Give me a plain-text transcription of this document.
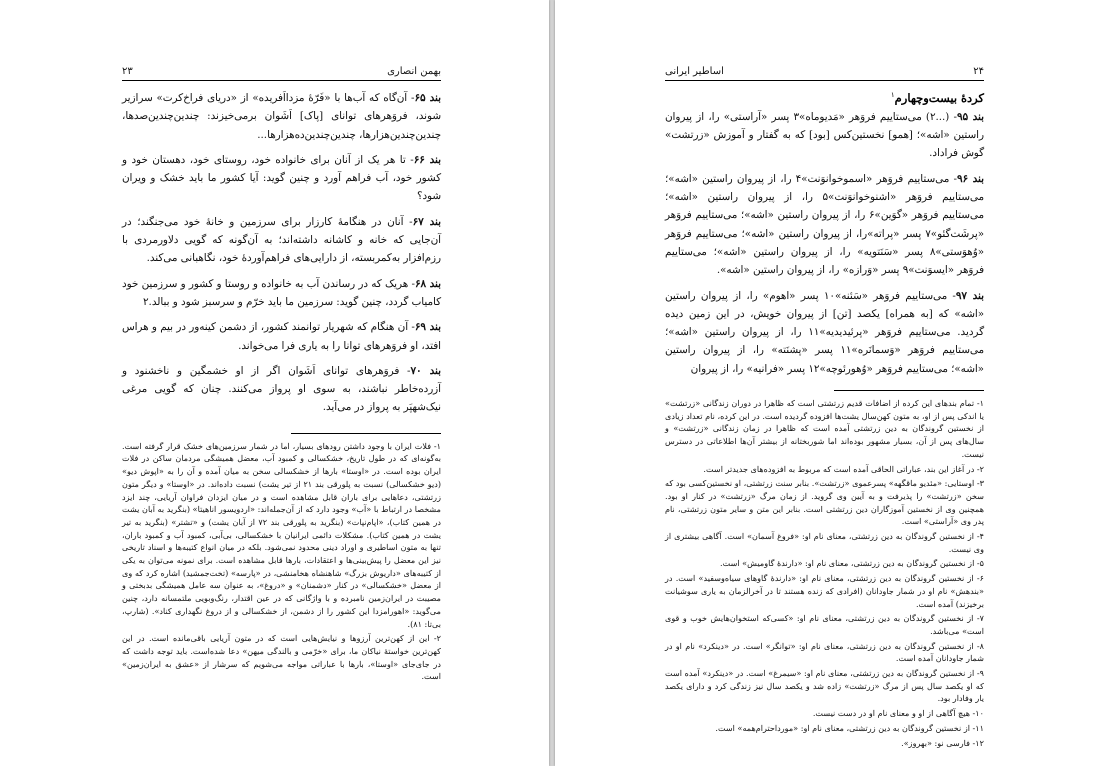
بهمن انصاری
۲۳
بند ۶۵- آن‌گاه که آب‌ها با «فَرّهٔ مزدااَفریده» از «دریای فراخ‌کرت» سرازیر شوند، فروَهرهای توانای [پاک] اَشَوان برمی‌خیزند: چندین‌چندین‌صدها، چندین‌چندین‌هزارها، چندین‌چندین‌ده‌هزارها...
بند ۶۶- تا هر یک از آنان برای خانواده خود، روستای خود، دهستان خود و کشور خود، آب فراهم آورد و چنین گوید: آیا کشور ما باید خشک و ویران شود؟
بند ۶۷- آنان در هنگامهٔ کارزار برای سرزمین و خانهٔ خود می‌جنگند؛ در آن‌جایی که خانه و کاشانه داشته‌اند؛ به آن‌گونه که گویی دلاورمردی با رزم‌افزار به‌کمربسته، از دارایی‌های فراهم‌آوردهٔ خود، نگاهبانی می‌کند.
بند ۶۸- هریک که در رساندن آب به خانواده و روستا و کشور و سرزمین خود کامیاب گردد، چنین گوید: سرزمین ما باید خرّم و سرسبز شود و ببالد.۲
بند ۶۹- آن هنگام که شهریار توانمند کشور، از دشمن کینه‌ور در بیم و هراس افتد، او فروَهرهای توانا را به یاری فرا می‌خواند.
بند ۷۰- فروَهرهای توانای اَشَوان اگر از او خشمگین و ناخشنود و آزرده‌خاطر نباشند، به سوی او پرواز می‌کنند. چنان که گویی مرغی نیک‌شهپَر به پرواز در می‌آید.
۱- فلات ایران با وجود داشتن رودهای بسیار، اما در شمار سرزمین‌های خشک قرار گرفته است. به‌گونه‌ای که در طول تاریخ، خشکسالی و کمبود آب، معضل همیشگی مردمان ساکن در فلات ایران بوده است. در «اوستا» بارها از خشکسالی سخن به میان آمده و آن را به «اپوش دیو» (دیو خشکسالی) نسبت به پلورقی بند ۲۱ از تیر یشت) نسبت داده‌اند. در «اوستا» و دیگر متون زرتشتی، دعاهایی برای باران قابل مشاهده است و در میان ایزدان فراوان آریایی، چند ایزد مشخصا در ارتباط با «آب» وجود دارد که از آن‌جمله‌اند: «اردویسور اناهیتا» (بنگرید به آبان یشت در همین کتاب)، «اپام‌نپات» (بنگرید به پلورقی بند ۷۲ از آبان یشت) و «تشتر» (بنگرید به تیر یشت در همین کتاب). مشکلات دائمی ایرانیان با خشکسالی، بی‌آبی، کمبود آب و کمبود باران، تنها به متون اساطیری و اوراد دینی محدود نمی‌شود. بلکه در میان انواع کتیبه‌ها و اسناد تاریخی نیز این معضل را پیش‌بینی‌ها و اعتقادات، بارها قابل مشاهده است. برای نمونه می‌توان به یکی از کتیبه‌های «داریوش بزرگ» شاهنشاه هخامنشی، در «پارسه» (تخت‌جمشید) اشاره کرد که وی از معضل «خشکسالی» در کنار «دشمنان» و «دروغ»، به عنوان سه عامل همیشگی بدبختی و مصیبت در ایران‌زمین نامبرده و با واژگانی که در عین اقتدار، رنگ‌وبویی ملتمسانه دارد، چنین می‌گوید: «اهورامزدا این کشور را از دشمن، از خشکسالی و از دروغ نگهداری کناد». (شارپ، بی‌تا: ۸۱).
۲- این از کهن‌ترین آرزوها و نیایش‌هایی است که در متون آریایی باقی‌مانده است. در این کهن‌ترین خواستهٔ نیاکان ما، برای «خرّمی و بالندگی میهن» دعا شده‌است. باید توجه داشت که در جای‌جای «اوستا»، بارها با عباراتی مواجه می‌شویم که سرشار از «عشق به ایران‌زمین» است.
۲۴
اساطیر ایرانی
کردهٔ بیست‌وچهارم$^۱$
بند ۹۵- (...۲) می‌ستاییم فروَهر «مَدیوماه»۳ پسر «آراستی» را، از پیروان راستین «اشه»؛ [همو] نخستین‌کس [بود] که به گفتار و آموزش «زرتشت» گوش فراداد.
بند ۹۶- می‌ستاییم فروَهر «اسموخوانوَنت»۴ را، از پیروان راستین «اشه»؛ می‌ستاییم فروَهر «اشنوخوانوَنت»۵ را، از پیروان راستین «اشه»؛ می‌ستاییم فروَهر «گوَین»۶ را، از پیروان راستین «اشه»؛ می‌ستاییم فروَهر «پرشَت‌گئو»۷ پسر «پراته»را، از پیروان راستین «اشه»؛ می‌ستاییم فروَهر «وُهوَستی»۸ پسر «سَنَتویه» را، از پیروان راستین «اشه»؛ می‌ستاییم فروَهر «ایسوَنت»۹ پسر «وَرازه» را، از پیروان راستین «اشه».
بند ۹۷- می‌ستاییم فروَهر «سَئنه»۱۰ پسر «اهوم» را، از پیروان راستین «اشه» که [به همراه] یکصد [تن] از پیروان خویش، در این زمین دیده گردید. می‌ستاییم فروَهر «پرئیدیدیه»۱۱ را، از پیروان راستین «اشه»؛ می‌ستاییم فروَهر «وَسمانَره»۱۱ پسر «پشنَته» را، از پیروان راستین «اشه»؛ می‌ستاییم فروَهر «وُهورئوچه»۱۲ پسر «فرانیه» را، از پیروان
۱- تمام بندهای این کرده از اضافات قدیم زرتشتی است که ظاهرا در دوران زندگانی «زرتشت» یا اندکی پس از او، به متون کهن‌سال یشت‌ها افزوده گردیده است. در این کرده، نام تعداد زیادی از نخستین گروندگان به دین زرتشتی آمده است که ظاهرا در زمان زندگانی «زرتشت» و سال‌های پس از آن، بسیار مشهور بوده‌اند اما شوربختانه از بیشتر آن‌ها اطلاعاتی در دسترس نیست.
۲- در آغاز این بند، عباراتی الحاقی آمده است که مربوط به افزوده‌های جدیدتر است.
۳- اوستایی: «مئدیو ماقگهه» پسرعموی «زرتشت». بنابر سنت زرتشتی، او نخستین‌کسی بود که سخن «زرتشت» را پذیرفت و به آیین وی گروید. از زمان مرگ «زرتشت» در کنار او بود. همچنین وی از نخستین آموزگاران دین زرتشتی است. بنابر این متن و سایر متون زرتشتی، نام پدر وی «آراستی» است.
۴- از نخستین گروندگان به دین زرتشتی، معنای نام او: «فروغ آسمان» است. آگاهی بیشتری از وی نیست.
۵- از نخستین گروندگان به دین زرتشتی، معنای نام او: «دارندهٔ گاومیش» است.
۶- از نخستین گروندگان به دین زرتشتی، معنای نام او: «دارندهٔ گاوهای سیاه‌وسفید» است. در «بندهش» نام او در شمار جاودانان (افرادی که زنده هستند تا در آخرالزمان به یاری سوشیانت برخیزند) آمده است.
۷- از نخستین گروندگان به دین زرتشتی، معنای نام او: «کسی‌که استخوان‌هایش خوب و قوی است» می‌باشد.
۸- از نخستین گروندگان به دین زرتشتی، معنای نام او: «توانگر» است. در «دینکرد» نام او در شمار جاودانان آمده است.
۹- از نخستین گروندگان به دین زرتشتی، معنای نام او: «سیمرغ» است. در «دینکرد» آمده است که او یکصد سال پس از مرگ «زرتشت» زاده شد و یکصد سال نیز زندگی کرد و دارای یکصد یار وفادار بود.
۱۰- هیچ آگاهی از او و معنای نام او در دست نیست.
۱۱- از نخستین گروندگان به دین زرتشتی، معنای نام او: «مورداحترام‌همه» است.
۱۲- فارسی نو: «بهروز».
